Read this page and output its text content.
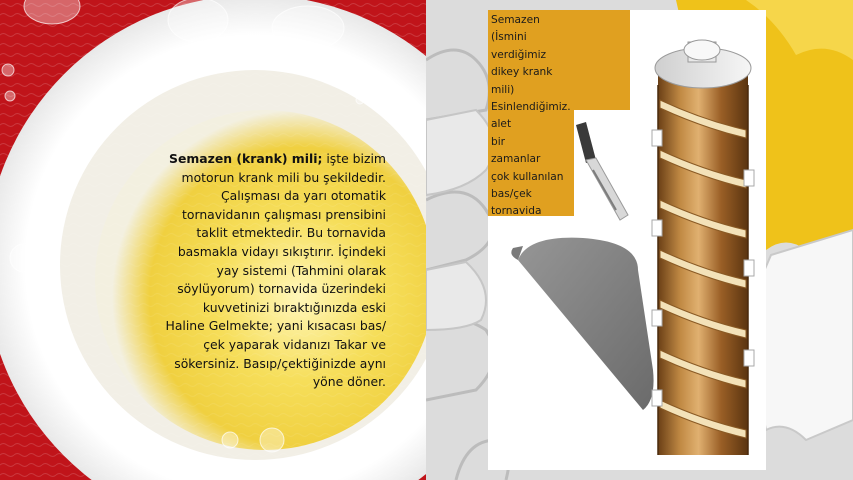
Semazen (krank) mili; işte bizim motorun krank mili bu şekildedir. Çalışması da yarı otomatik tornavidanın çalışması prensibini taklit etmektedir. Bu tornavida basmakla vidayı sıkıştırır. İçindeki yay sistemi (Tahmini olarak söylüyorum) tornavida üzerindeki kuvvetinizi bıraktığınızda eski Haline Gelmekte; yani kısacası bas/çek yaparak vidanızı Takar ve sökersiniz. Basıp/çektiğinizde aynı yöne döner.
Semazen
(İsmini
verdiğimiz
dikey krank
mili)
Esinlendiğimiz.
alet
bir
zamanlar
çok kullanılan
bas/çek
tornavida
